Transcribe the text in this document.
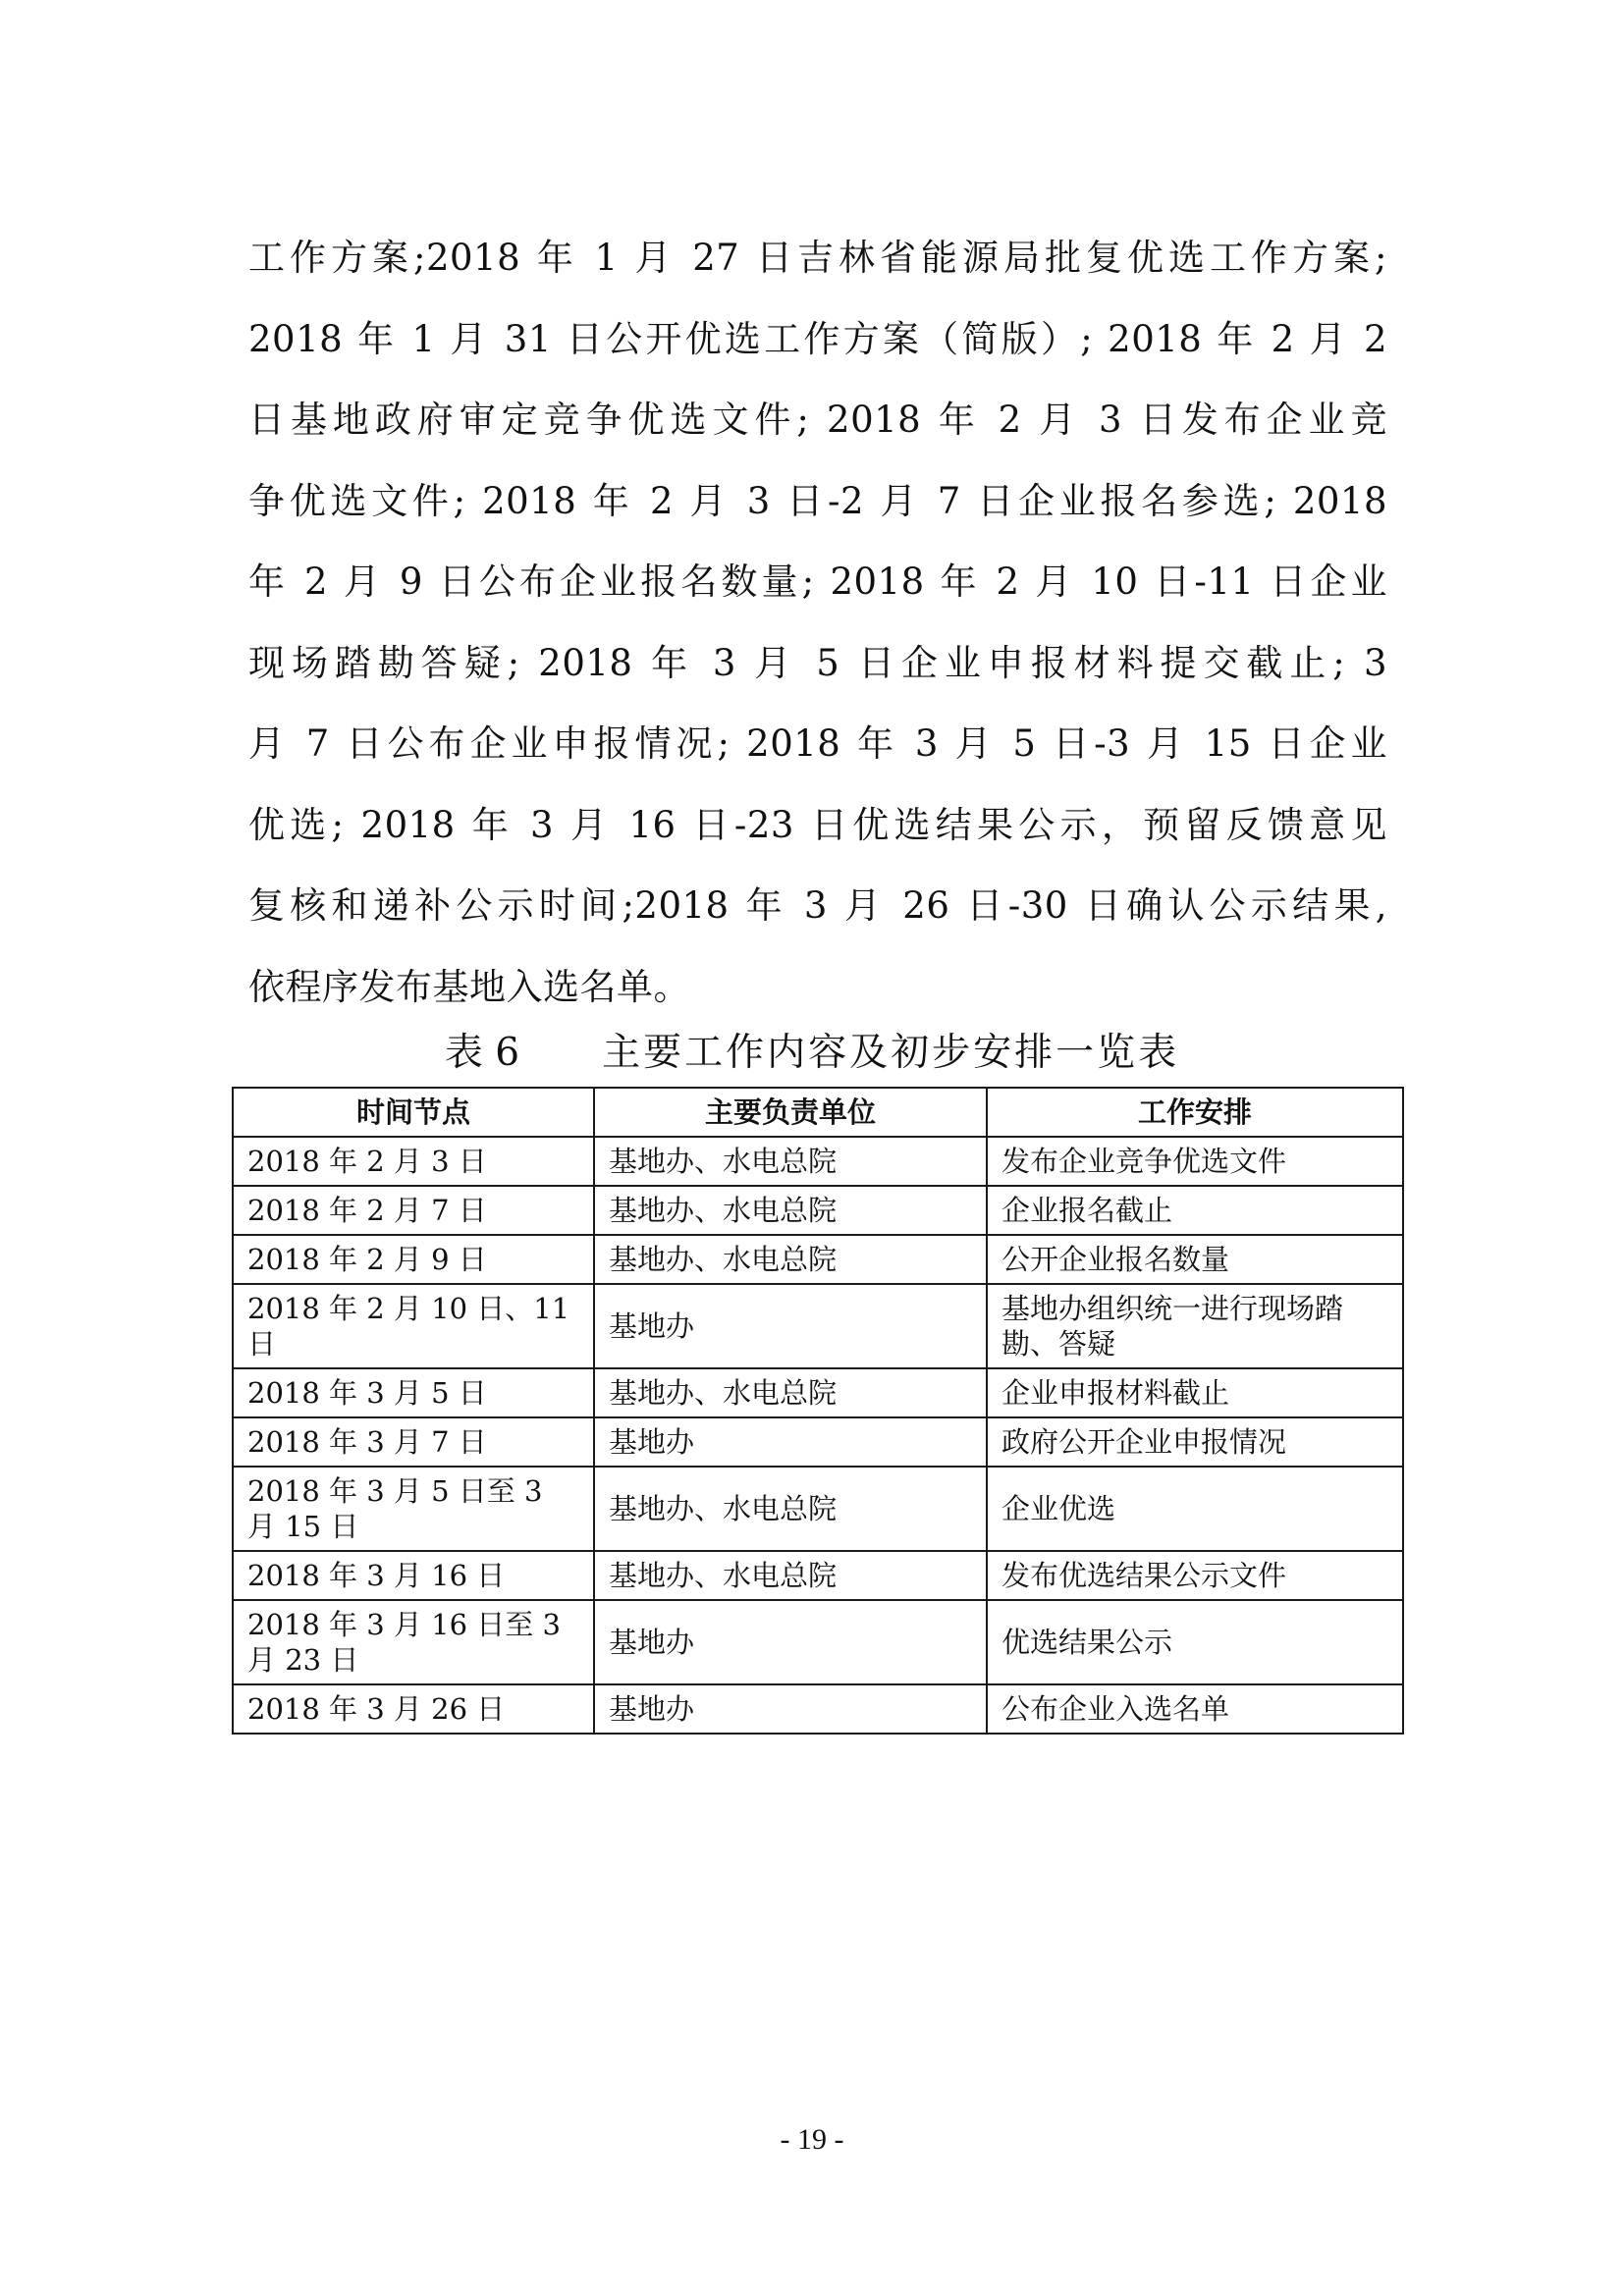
工作方案;2018 年 1 月 27 日吉林省能源局批复优选工作方案;
2018 年 1 月 31 日公开优选工作方案（简版）; 2018 年 2 月 2
日基地政府审定竞争优选文件; 2018 年 2 月 3 日发布企业竞
争优选文件; 2018 年 2 月 3 日-2 月 7 日企业报名参选; 2018
年 2 月 9 日公布企业报名数量; 2018 年 2 月 10 日-11 日企业
现场踏勘答疑; 2018 年 3 月 5 日企业申报材料提交截止; 3
月 7 日公布企业申报情况; 2018 年 3 月 5 日-3 月 15 日企业
优选; 2018 年 3 月 16 日-23 日优选结果公示，预留反馈意见
复核和递补公示时间;2018 年 3 月 26 日-30 日确认公示结果,
依程序发布基地入选名单。
表 6 主要工作内容及初步安排一览表
时间节点	主要负责单位	工作安排
2018 年 2 月 3 日	基地办、水电总院	发布企业竞争优选文件
2018 年 2 月 7 日	基地办、水电总院	企业报名截止
2018 年 2 月 9 日	基地办、水电总院	公开企业报名数量
2018 年 2 月 10 日、11 日	基地办	基地办组织统一进行现场踏勘、答疑
2018 年 3 月 5 日	基地办、水电总院	企业申报材料截止
2018 年 3 月 7 日	基地办	政府公开企业申报情况
2018 年 3 月 5 日至 3 月 15 日	基地办、水电总院	企业优选
2018 年 3 月 16 日	基地办、水电总院	发布优选结果公示文件
2018 年 3 月 16 日至 3 月 23 日	基地办	优选结果公示
2018 年 3 月 26 日	基地办	公布企业入选名单
- 19 -
